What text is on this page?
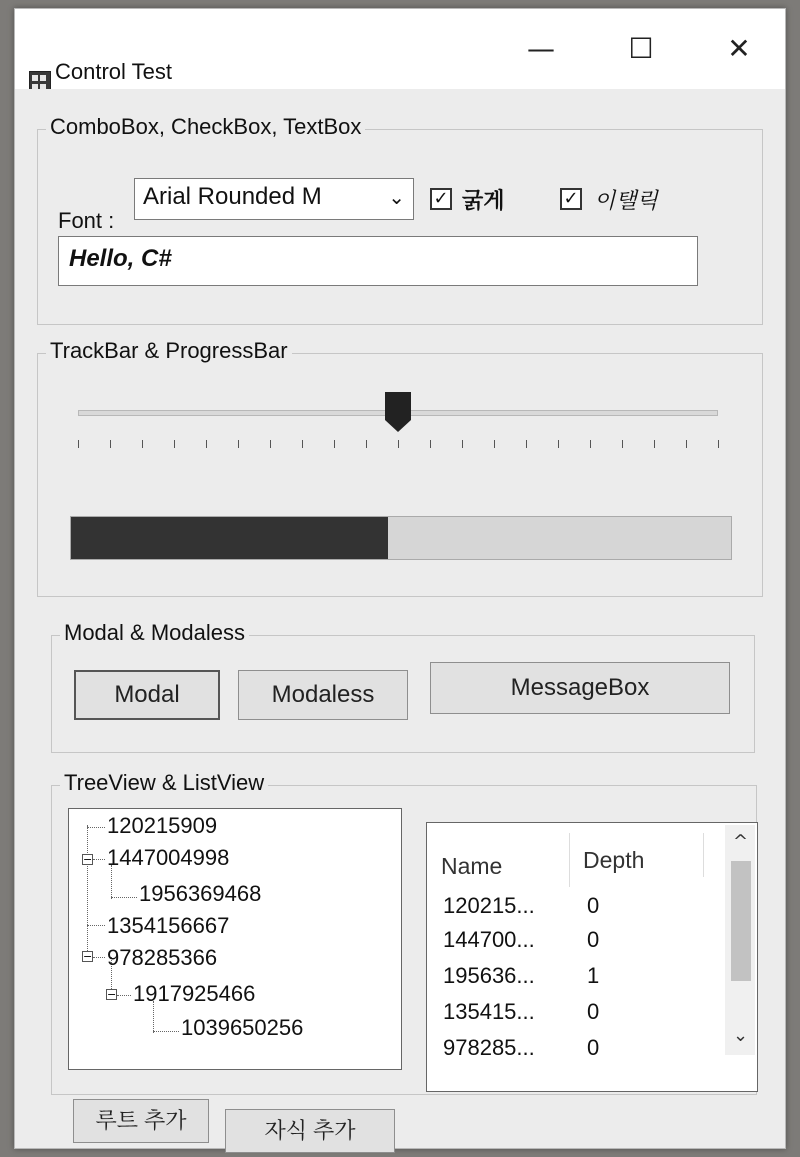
Control Test
—	☐	✕
ComboBox, CheckBox, TextBox
Font :
Arial Rounded M	⌄ ✓ 굵게	✓ 이탤릭
Hello, C#
TrackBar & ProgressBar
Modal & Modaless
Modal	Modaless	MessageBox
TreeView & ListView
120215909
− 1447004998
1956369468
1354156667
− 978285366
− 1917925466
1039650256
Name	Depth
120215... 0
144700... 0
195636... 1
135415... 0
978285... 0
^
⌄
루트 추가	자식 추가
